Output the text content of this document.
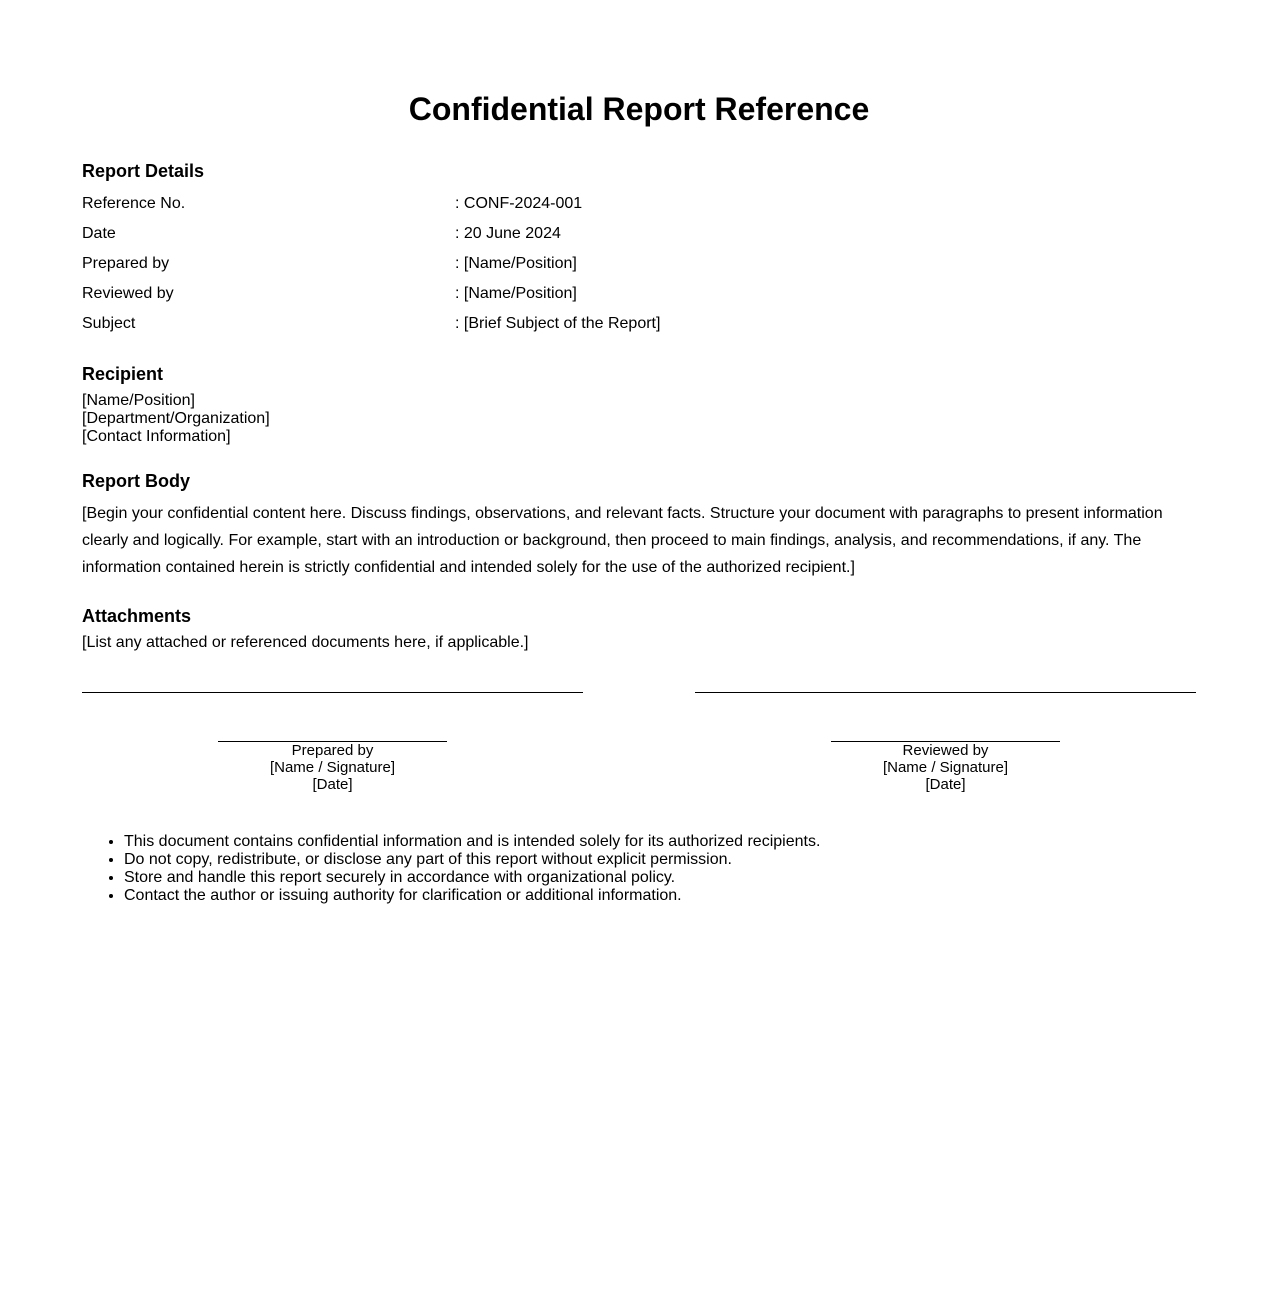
Confidential Report Reference
Report Details
Reference No.	: CONF-2024-001
Date	: 20 June 2024
Prepared by	: [Name/Position]
Reviewed by	: [Name/Position]
Subject	: [Brief Subject of the Report]
Recipient
[Name/Position]
[Department/Organization]
[Contact Information]
Report Body

[Begin your confidential content here. Discuss findings, observations, and relevant facts. Structure your document with paragraphs to present information clearly and logically. For example, start with an introduction or background, then proceed to main findings, analysis, and recommendations, if any. The information contained herein is strictly confidential and intended solely for the use of the authorized recipient.]

Attachments

[List any attached or referenced documents here, if applicable.]

Prepared by
[Name / Signature]
[Date]
Reviewed by
[Name / Signature]
[Date]
• This document contains confidential information and is intended solely for its authorized recipients.
• Do not copy, redistribute, or disclose any part of this report without explicit permission.
• Store and handle this report securely in accordance with organizational policy.
• Contact the author or issuing authority for clarification or additional information.
